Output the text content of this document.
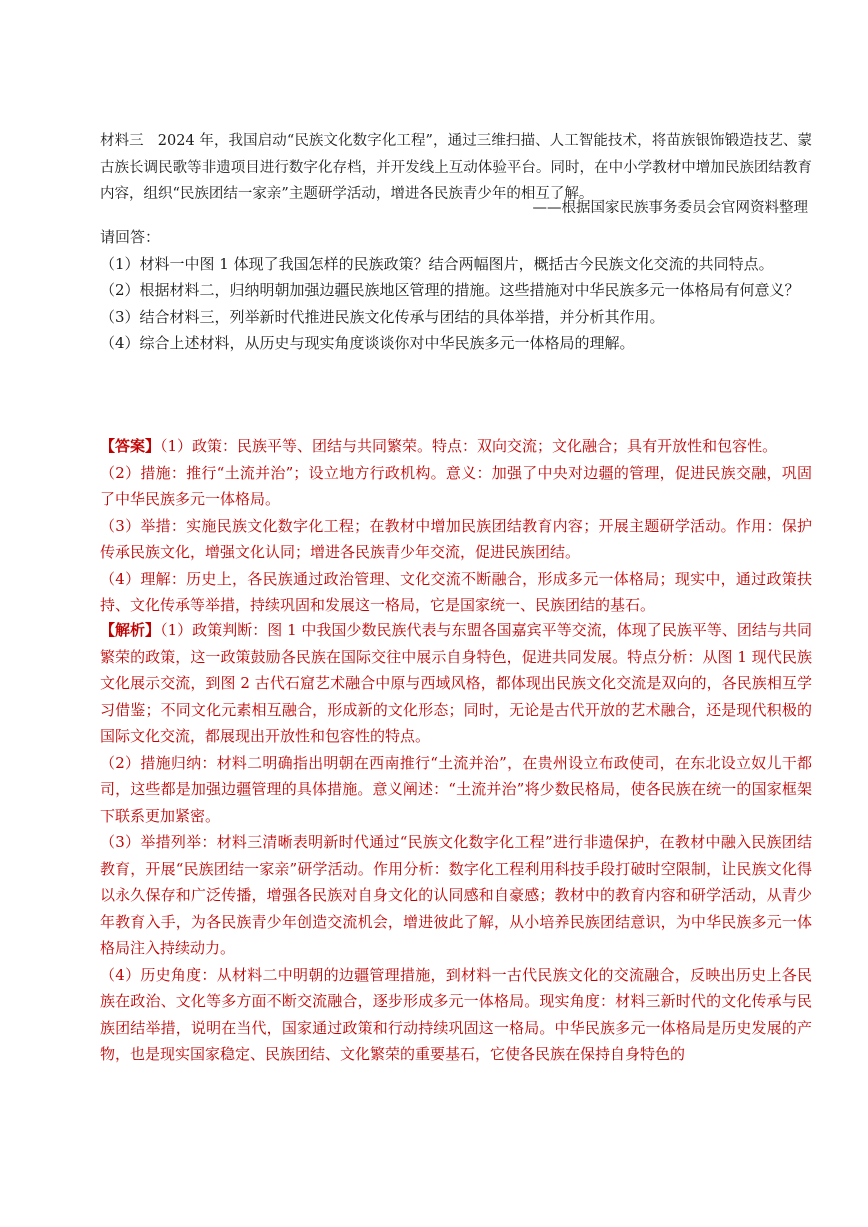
材料三 2024 年，我国启动“民族文化数字化工程”，通过三维扫描、人工智能技术，将苗族银饰锻造技艺、蒙古族长调民歌等非遗项目进行数字化存档，并开发线上互动体验平台。同时，在中小学教材中增加民族团结教育内容，组织“民族团结一家亲”主题研学活动，增进各民族青少年的相互了解。

——根据国家民族事务委员会官网资料整理

请回答：

（1）材料一中图 1 体现了我国怎样的民族政策？结合两幅图片，概括古今民族文化交流的共同特点。

（2）根据材料二，归纳明朝加强边疆民族地区管理的措施。这些措施对中华民族多元一体格局有何意义？

（3）结合材料三，列举新时代推进民族文化传承与团结的具体举措，并分析其作用。

（4）综合上述材料，从历史与现实角度谈谈你对中华民族多元一体格局的理解。

【答案】（1）政策：民族平等、团结与共同繁荣。特点：双向交流；文化融合；具有开放性和包容性。

（2）措施：推行“土流并治”；设立地方行政机构。意义：加强了中央对边疆的管理，促进民族交融，巩固了中华民族多元一体格局。

（3）举措：实施民族文化数字化工程；在教材中增加民族团结教育内容；开展主题研学活动。作用：保护传承民族文化，增强文化认同；增进各民族青少年交流，促进民族团结。

（4）理解：历史上，各民族通过政治管理、文化交流不断融合，形成多元一体格局；现实中，通过政策扶持、文化传承等举措，持续巩固和发展这一格局，它是国家统一、民族团结的基石。

【解析】（1）政策判断：图 1 中我国少数民族代表与东盟各国嘉宾平等交流，体现了民族平等、团结与共同繁荣的政策，这一政策鼓励各民族在国际交往中展示自身特色，促进共同发展。特点分析：从图 1 现代民族文化展示交流，到图 2 古代石窟艺术融合中原与西域风格，都体现出民族文化交流是双向的，各民族相互学习借鉴；不同文化元素相互融合，形成新的文化形态；同时，无论是古代开放的艺术融合，还是现代积极的国际文化交流，都展现出开放性和包容性的特点。

（2）措施归纳：材料二明确指出明朝在西南推行“土流并治”，在贵州设立布政使司，在东北设立奴儿干都司，这些都是加强边疆管理的具体措施。意义阐述：“土流并治”将少数民格局，使各民族在统一的国家框架下联系更加紧密。

（3）举措列举：材料三清晰表明新时代通过“民族文化数字化工程”进行非遗保护，在教材中融入民族团结教育，开展“民族团结一家亲”研学活动。作用分析：数字化工程利用科技手段打破时空限制，让民族文化得以永久保存和广泛传播，增强各民族对自身文化的认同感和自豪感；教材中的教育内容和研学活动，从青少年教育入手，为各民族青少年创造交流机会，增进彼此了解，从小培养民族团结意识，为中华民族多元一体格局注入持续动力。

（4）历史角度：从材料二中明朝的边疆管理措施，到材料一古代民族文化的交流融合，反映出历史上各民族在政治、文化等多方面不断交流融合，逐步形成多元一体格局。现实角度：材料三新时代的文化传承与民族团结举措，说明在当代，国家通过政策和行动持续巩固这一格局。中华民族多元一体格局是历史发展的产物，也是现实国家稳定、民族团结、文化繁荣的重要基石，它使各民族在保持自身特色的
